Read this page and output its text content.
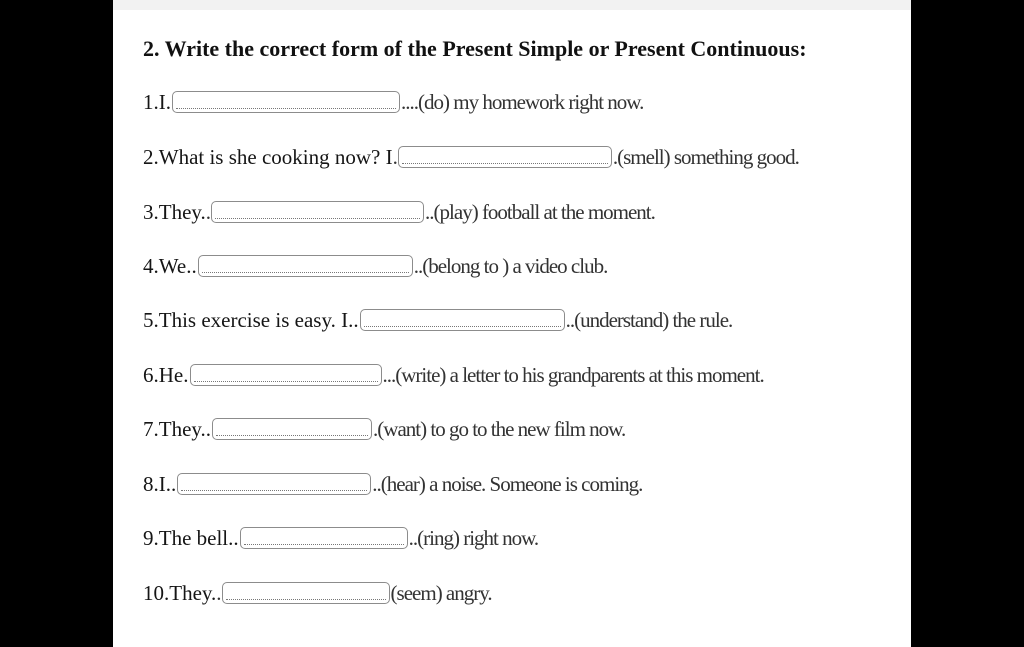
2. Write the correct form of the Present Simple or Present Continuous:
1.I.	....(do) my homework right now.
2.What is she cooking now? I .	.(smell) something good.
3.They. .	..(play) football at the moment.
4.We..	..(belong to ) a video club.
5.This exercise is easy. I..	..(understand) the rule.
6.He.	...(write) a letter to his grandparents at this moment.
7.They..	.(want) to go to the new film now.
8.I..	..(hear) a noise. Someone is coming.
9.The bell..	..(ring) right now.
10.They. .	(seem) angry.
